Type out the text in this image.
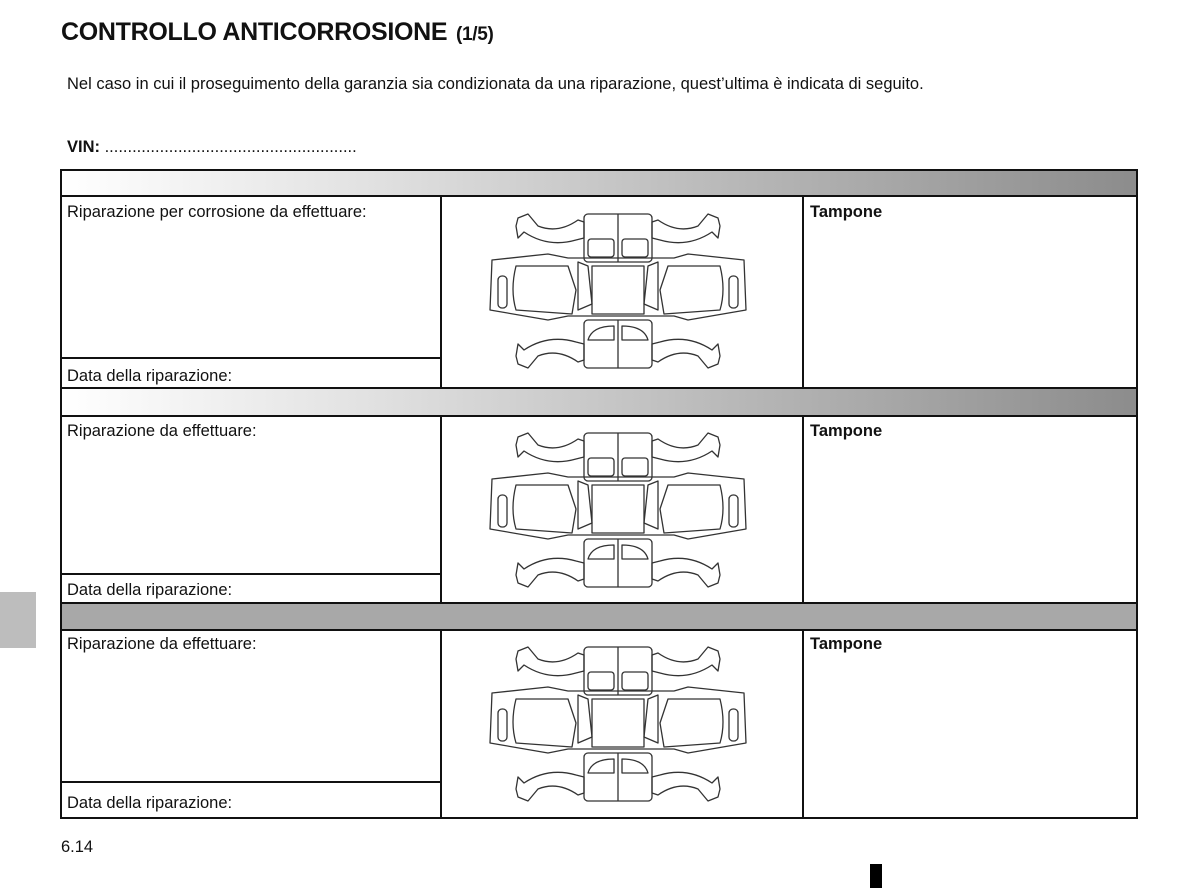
CONTROLLO ANTICORROSIONE (1/5)
Nel caso in cui il proseguimento della garanzia sia condizionata da una riparazione, quest’ultima è indicata di seguito.
VIN: .......................................................
Riparazione per corrosione da effettuare:
Data della riparazione:
Tampone
Riparazione da effettuare:
Data della riparazione:
Tampone
Riparazione da effettuare:
Data della riparazione:
Tampone
6.14
